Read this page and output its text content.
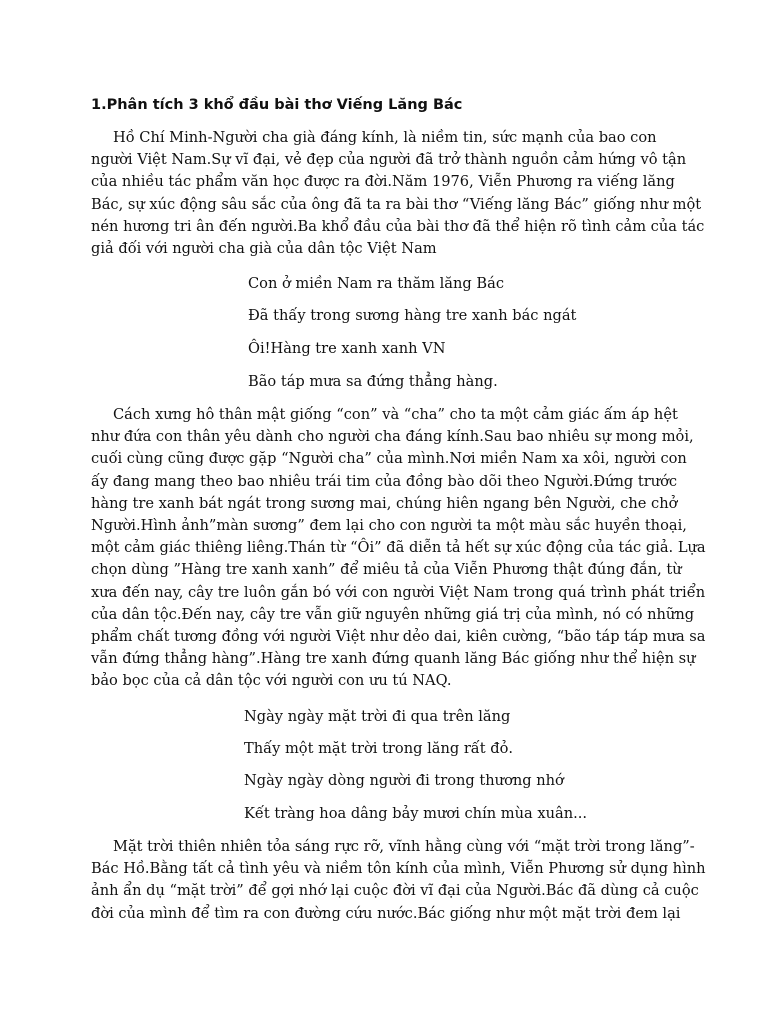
1.Phân tích 3 khổ đầu bài thơ Viếng Lăng Bác
Hồ Chí Minh-Người cha già đáng kính, là niềm tin, sức mạnh của bao con
người Việt Nam.Sự vĩ đại, vẻ đẹp của người đã trở thành nguồn cảm hứng vô tận
của nhiều tác phẩm văn học được ra đời.Năm 1976, Viễn Phương ra viếng lăng
Bác, sự xúc động sâu sắc của ông đã ta ra bài thơ “Viếng lăng Bác” giống như một
nén hương tri ân đến người.Ba khổ đầu của bài thơ đã thể hiện rõ tình cảm của tác
giả đối với người cha già của dân tộc Việt Nam
Con ở miền Nam ra thăm lăng Bác
Đã thấy trong sương hàng tre xanh bác ngát
Ôi!Hàng tre xanh xanh VN
Bão táp mưa sa đứng thẳng hàng.
Cách xưng hô thân mật giống “con” và “cha” cho ta một cảm giác ấm áp hệt
như đứa con thân yêu dành cho người cha đáng kính.Sau bao nhiêu sự mong mỏi,
cuối cùng cũng được gặp “Người cha” của mình.Nơi miền Nam xa xôi, người con
ấy đang mang theo bao nhiêu trái tim của đồng bào dõi theo Người.Đứng trước
hàng tre xanh bát ngát trong sương mai, chúng hiên ngang bên Người, che chở
Người.Hình ảnh”màn sương” đem lại cho con người ta một màu sắc huyền thoại,
một cảm giác thiêng liêng.Thán từ “Ôi” đã diễn tả hết sự xúc động của tác giả. Lựa
chọn dùng ”Hàng tre xanh xanh” để miêu tả của Viễn Phương thật đúng đắn, từ
xưa đến nay, cây tre luôn gắn bó với con người Việt Nam trong quá trình phát triển
của dân tộc.Đến nay, cây tre vẫn giữ nguyên những giá trị của mình, nó có những
phẩm chất tương đồng với người Việt như dẻo dai, kiên cường, “bão táp táp mưa sa
vẫn đứng thẳng hàng”.Hàng tre xanh đứng quanh lăng Bác giống như thể hiện sự
bảo bọc của cả dân tộc với người con ưu tú NAQ.
Ngày ngày mặt trời đi qua trên lăng
Thấy một mặt trời trong lăng rất đỏ.
Ngày ngày dòng người đi trong thương nhớ
Kết tràng hoa dâng bảy mươi chín mùa xuân...
Mặt trời thiên nhiên tỏa sáng rực rỡ, vĩnh hằng cùng với “mặt trời trong lăng”-
Bác Hồ.Bằng tất cả tình yêu và niềm tôn kính của mình, Viễn Phương sử dụng hình
ảnh ẩn dụ “mặt trời” để gợi nhớ lại cuộc đời vĩ đại của Người.Bác đã dùng cả cuộc
đời của mình để tìm ra con đường cứu nước.Bác giống như một mặt trời đem lại
